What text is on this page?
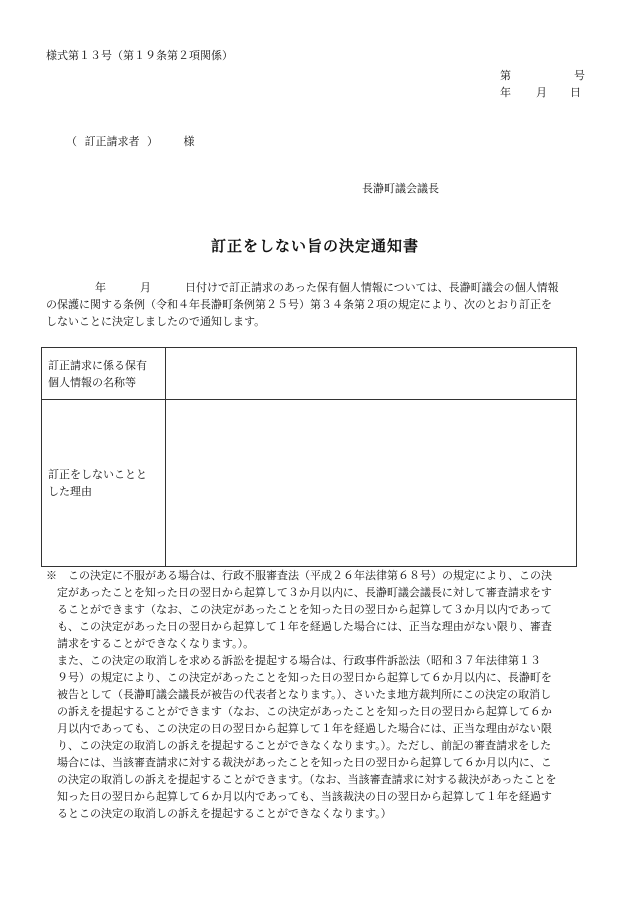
様式第１３号（第１９条第２項関係）
第	号
年 月 日
（ 訂正請求者 ） 様
長瀞町議会議長
訂正をしない旨の決定通知書
年	月	日付けで訂正請求のあった保有個人情報については、長瀞町議会の個人情報
の保護に関する条例（令和４年長瀞町条例第２５号）第３４条第２項の規定により、次のとおり訂正を
しないことに決定しましたので通知します。
訂正請求に係る保有
個人情報の名称等	

訂正をしないことと
した理由	

※　この決定に不服がある場合は、行政不服審査法（平成２６年法律第６８号）の規定により、この決
　定があったことを知った日の翌日から起算して３か月以内に、長瀞町議会議長に対して審査請求をす
　ることができます（なお、この決定があったことを知った日の翌日から起算して３か月以内であって
　も、この決定があった日の翌日から起算して１年を経過した場合には、正当な理由がない限り、審査
　請求をすることができなくなります。）。
　また、この決定の取消しを求める訴訟を提起する場合は、行政事件訴訟法（昭和３７年法律第１３
　９号）の規定により、この決定があったことを知った日の翌日から起算して６か月以内に、長瀞町を
　被告として（長瀞町議会議長が被告の代表者となります。）、さいたま地方裁判所にこの決定の取消し
　の訴えを提起することができます（なお、この決定があったことを知った日の翌日から起算して６か
　月以内であっても、この決定の日の翌日から起算して１年を経過した場合には、正当な理由がない限
　り、この決定の取消しの訴えを提起することができなくなります。）。ただし、前記の審査請求をした
　場合には、当該審査請求に対する裁決があったことを知った日の翌日から起算して６か月以内に、こ
　の決定の取消しの訴えを提起することができます。（なお、当該審査請求に対する裁決があったことを
　知った日の翌日から起算して６か月以内であっても、当該裁決の日の翌日から起算して１年を経過す
　るとこの決定の取消しの訴えを提起することができなくなります。）
